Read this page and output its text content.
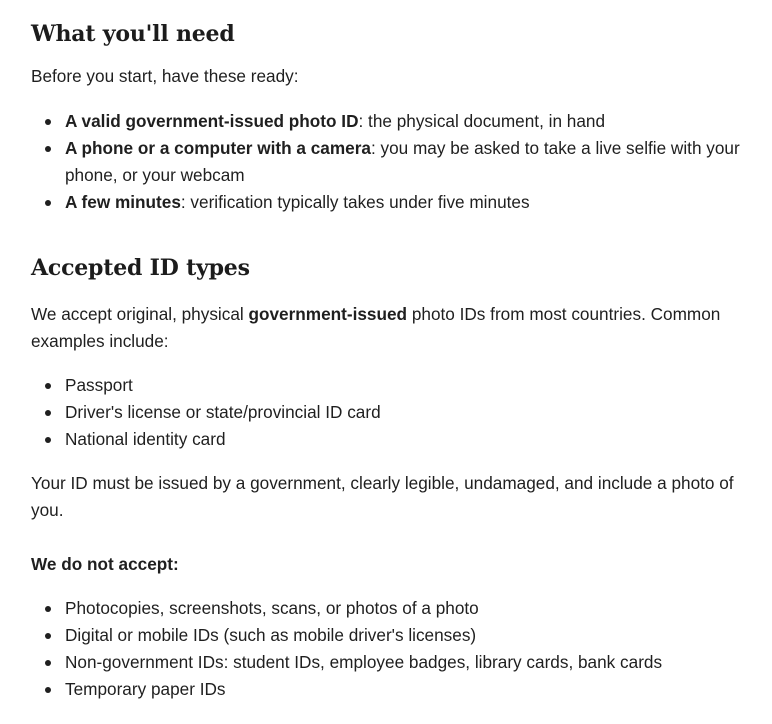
What you'll need

Before you start, have these ready:

A valid government-issued photo ID: the physical document, in hand
A phone or a computer with a camera: you may be asked to take a live selfie with your phone, or your webcam
A few minutes: verification typically takes under five minutes
Accepted ID types

We accept original, physical government-issued photo IDs from most countries. Common examples include:

Passport
Driver's license or state/provincial ID card
National identity card

Your ID must be issued by a government, clearly legible, undamaged, and include a photo of you.

We do not accept:

Photocopies, screenshots, scans, or photos of a photo
Digital or mobile IDs (such as mobile driver's licenses)
Non-government IDs: student IDs, employee badges, library cards, bank cards
Temporary paper IDs
